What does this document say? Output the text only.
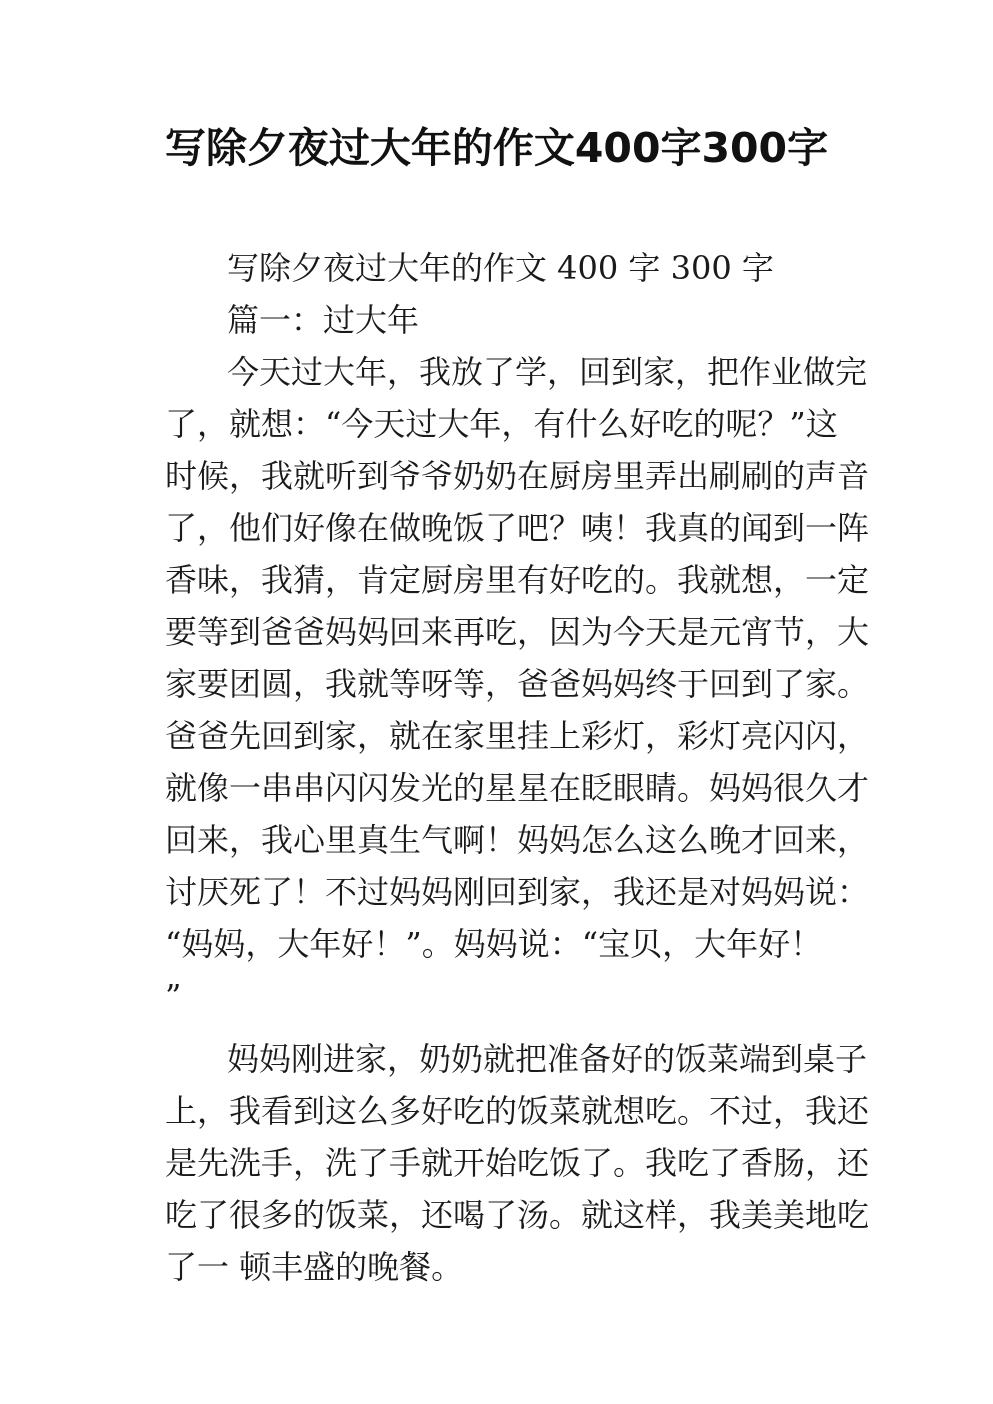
写除夕夜过大年的作文400字300字
写除夕夜过大年的作文 400 字 300 字
篇一：过大年
今天过大年，我放了学，回到家，把作业做完
了，就想：“今天过大年，有什么好吃的呢？”这
时候，我就听到爷爷奶奶在厨房里弄出刷刷的声音
了，他们好像在做晚饭了吧？咦！我真的闻到一阵
香味，我猜，肯定厨房里有好吃的。我就想，一定
要等到爸爸妈妈回来再吃，因为今天是元宵节，大
家要团圆，我就等呀等，爸爸妈妈终于回到了家。
爸爸先回到家，就在家里挂上彩灯，彩灯亮闪闪，
就像一串串闪闪发光的星星在眨眼睛。妈妈很久才
回来，我心里真生气啊！妈妈怎么这么晚才回来，
讨厌死了！不过妈妈刚回到家，我还是对妈妈说：
“妈妈，大年好！”。妈妈说：“宝贝，大年好！
”
妈妈刚进家，奶奶就把准备好的饭菜端到桌子
上，我看到这么多好吃的饭菜就想吃。不过，我还
是先洗手，洗了手就开始吃饭了。我吃了香肠，还
吃了很多的饭菜，还喝了汤。就这样，我美美地吃
了一 顿丰盛的晚餐。
